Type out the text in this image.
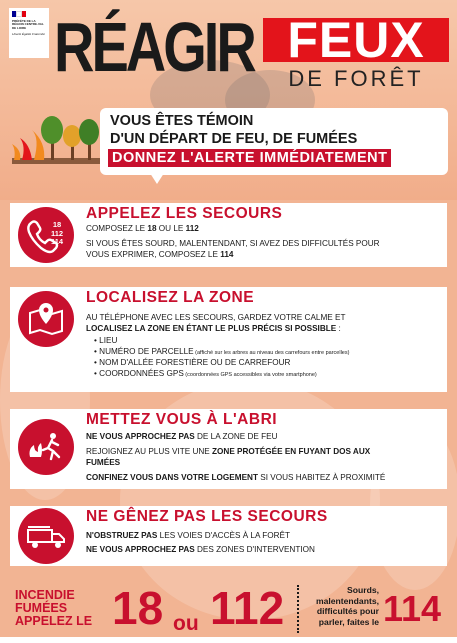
PRÉFÈTE DE LA RÉGION CENTRE-VAL DE LOIRE
Liberté Égalité Fraternité RÉAGIR FEUX
DE FORÊT
VOUS ÊTES TÉMOIN
D'UN DÉPART DE FEU, DE FUMÉES
DONNEZ L'ALERTE IMMÉDIATEMENT
18
112
114
APPELEZ LES SECOURS
COMPOSEZ LE 18 OU LE 112
SI VOUS ÊTES SOURD, MALENTENDANT, SI AVEZ DES DIFFICULTÉS POUR
VOUS EXPRIMER, COMPOSEZ LE 114
LOCALISEZ LA ZONE
AU TÉLÉPHONE AVEC LES SECOURS, GARDEZ VOTRE CALME ET
LOCALISEZ LA ZONE EN ÉTANT LE PLUS PRÉCIS SI POSSIBLE :
• LIEU
• NUMÉRO DE PARCELLE (affiché sur les arbres au niveau des carrefours entre parcelles)
• NOM D'ALLÉE FORESTIÈRE OU DE CARREFOUR
• COORDONNÉES GPS (coordonnées GPS accessibles via votre smartphone)
METTEZ VOUS À L'ABRI
NE VOUS APPROCHEZ PAS DE LA ZONE DE FEU
REJOIGNEZ AU PLUS VITE UNE ZONE PROTÉGÉE EN FUYANT DOS AUX
FUMÉES
CONFINEZ VOUS DANS VOTRE LOGEMENT SI VOUS HABITEZ À PROXIMITÉ
NE GÊNEZ PAS LES SECOURS
N'OBSTRUEZ PAS LES VOIES D'ACCÈS À LA FORÊT
NE VOUS APPROCHEZ PAS DES ZONES D'INTERVENTION
INCENDIE
FUMÉES
APPELEZ LE 18 ou 112	Sourds,
malentendants,
difficultés pour
parler, faites le 114
